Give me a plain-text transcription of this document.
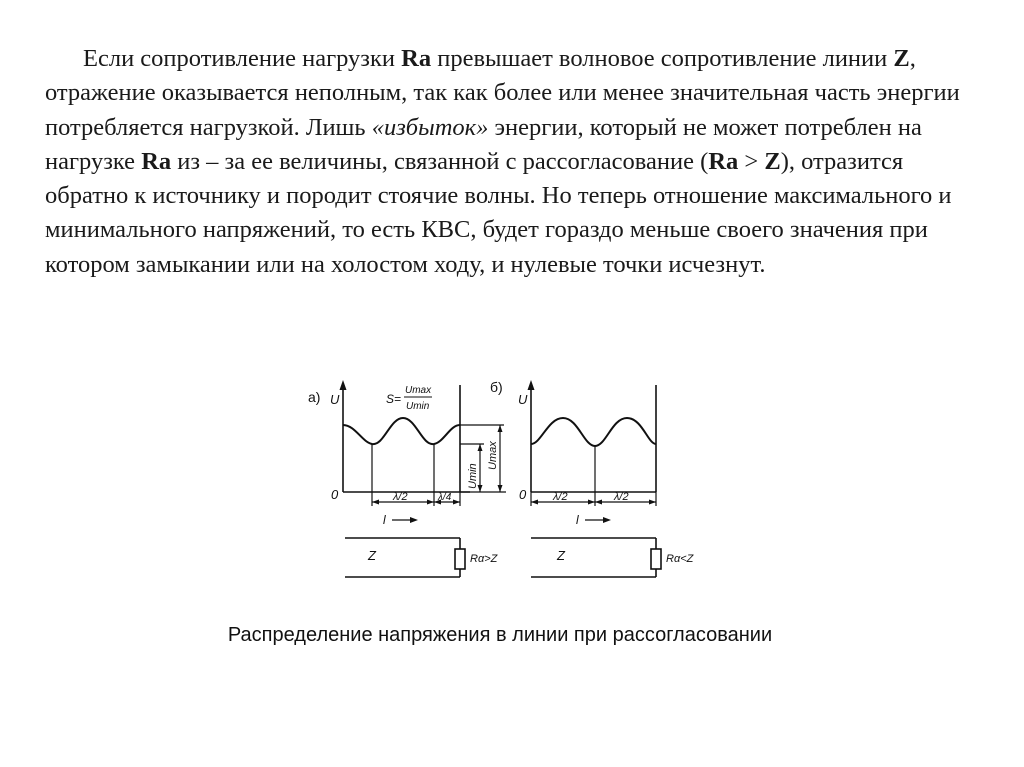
Если сопротивление нагрузки Ra превышает волновое сопротивление линии Z, отражение оказывается неполным, так как более или менее значительная часть энергии потребляется нагрузкой. Лишь «избыток» энергии, который не может потреблен на нагрузке Ra из – за ее величины, связанной с рассогласование (Ra > Z), отразится обратно к источнику и породит стоячие волны. Но теперь отношение максимального и минимального напряжений, то есть КВС, будет гораздо меньше своего значения при котором замыкании или на холостом ходу, и нулевые точки исчезнут.
а) U
0
S=
Umax
Umin
Umin
Umax
λ/2	λ/4
l
Z	Rα>Z
б)
U
0 λ/2	λ/2
l
Z	Rα<Z
Распределение напряжения в линии при рассогласовании
